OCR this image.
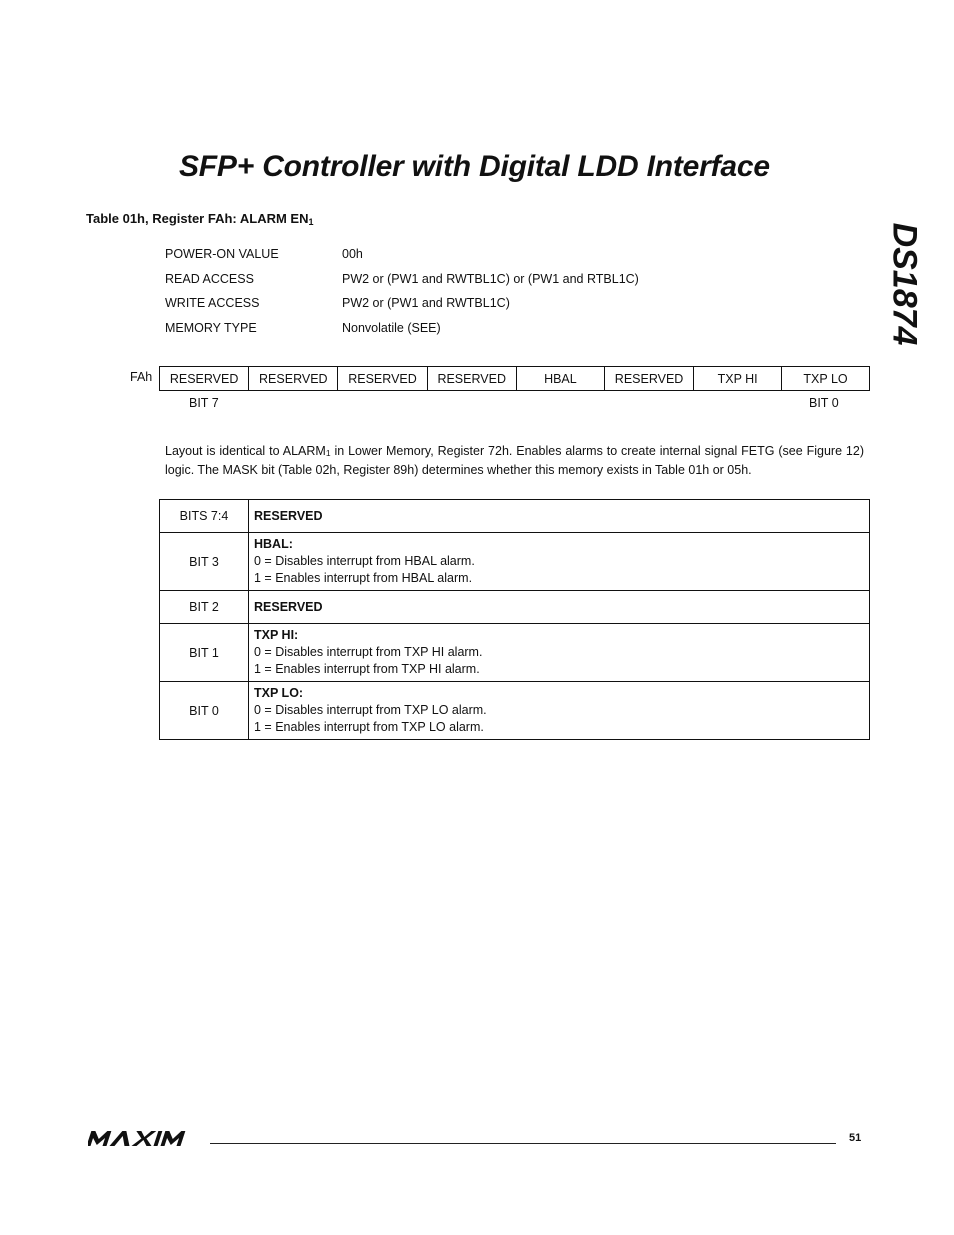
SFP+ Controller with Digital LDD Interface
DS1874
Table 01h, Register FAh: ALARM $EN_1$
POWER-ON VALUE	00h
READ ACCESS	PW2 or (PW1 and RWTBL1C) or (PW1 and RTBL1C)
WRITE ACCESS	PW2 or (PW1 and RWTBL1C)
MEMORY TYPE	Nonvolatile (SEE)
FAh RESERVED	RESERVED	RESERVED	RESERVED	HBAL	RESERVED	TXP HI	TXP LO
BIT 7	BIT 0
Layout is identical to $ALARM_1$ in Lower Memory, Register 72h. Enables alarms to create internal signal FETG (see Figure 12) logic. The MASK bit (Table 02h, Register 89h) determines whether this memory exists in Table 01h or 05h.
BITS 7:4	RESERVED
BIT 3	HBAL:
0 = Disables interrupt from HBAL alarm.
1 = Enables interrupt from HBAL alarm.

BIT 2	RESERVED
BIT 1	TXP HI:
0 = Disables interrupt from TXP HI alarm.
1 = Enables interrupt from TXP HI alarm.

BIT 0	TXP LO:
0 = Disables interrupt from TXP LO alarm.
1 = Enables interrupt from TXP LO alarm.
51
